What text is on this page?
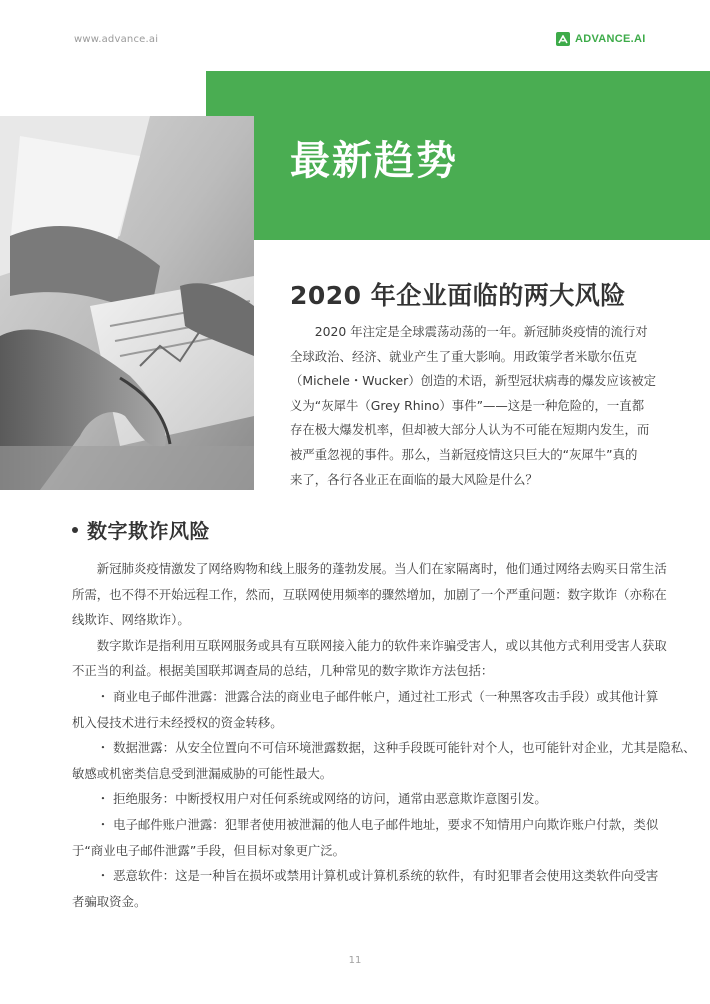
www.advance.ai	ADVANCE.AI
最新趋势
2020 年企业面临的两大风险
　　2020 年注定是全球震荡动荡的一年。新冠肺炎疫情的流行对
全球政治、经济、就业产生了重大影响。用政策学者米歇尔伍克
（Michele・Wucker）创造的术语，新型冠状病毒的爆发应该被定
义为“灰犀牛（Grey Rhino）事件”——这是一种危险的，一直都
存在极大爆发机率，但却被大部分人认为不可能在短期内发生，而
被严重忽视的事件。那么，当新冠疫情这只巨大的“灰犀牛”真的
来了，各行各业正在面临的最大风险是什么？
数字欺诈风险
　　新冠肺炎疫情激发了网络购物和线上服务的蓬勃发展。当人们在家隔离时，他们通过网络去购买日常生活
所需，也不得不开始远程工作，然而，互联网使用频率的骤然增加，加剧了一个严重问题：数字欺诈（亦称在
线欺诈、网络欺诈）。
　　数字欺诈是指利用互联网服务或具有互联网接入能力的软件来诈骗受害人，或以其他方式利用受害人获取
不正当的利益。根据美国联邦调查局的总结，几种常见的数字欺诈方法包括：
　　・ 商业电子邮件泄露：泄露合法的商业电子邮件帐户，通过社工形式（一种黑客攻击手段）或其他计算
机入侵技术进行未经授权的资金转移。
　　・ 数据泄露：从安全位置向不可信环境泄露数据，这种手段既可能针对个人，也可能针对企业，尤其是隐私、
敏感或机密类信息受到泄漏威胁的可能性最大。
　　・ 拒绝服务：中断授权用户对任何系统或网络的访问，通常由恶意欺诈意图引发。
　　・ 电子邮件账户泄露：犯罪者使用被泄漏的他人电子邮件地址，要求不知情用户向欺诈账户付款，类似
于“商业电子邮件泄露”手段，但目标对象更广泛。
　　・ 恶意软件：这是一种旨在损坏或禁用计算机或计算机系统的软件，有时犯罪者会使用这类软件向受害
者骗取资金。
11
